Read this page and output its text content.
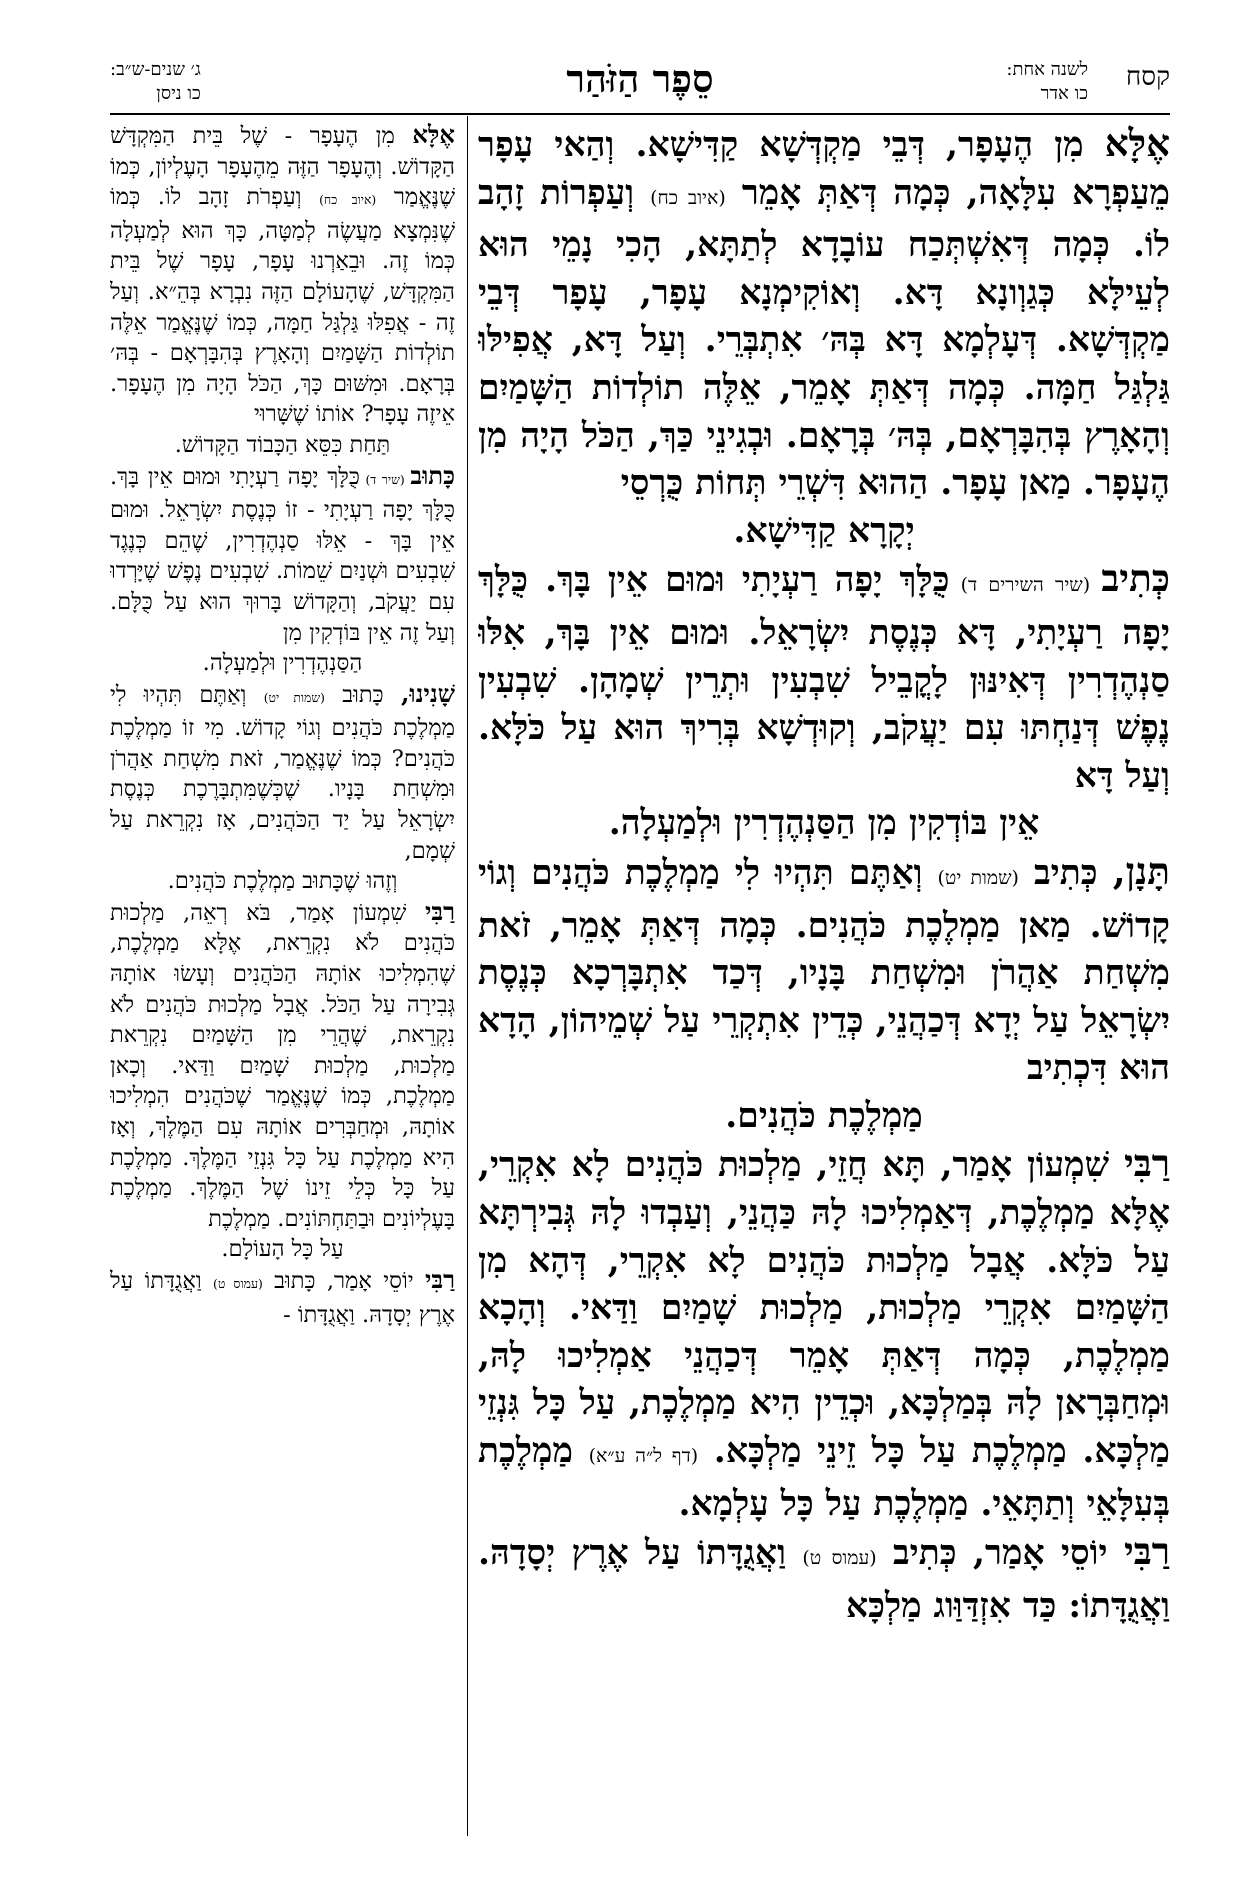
קסח
לשנה אחת:
כו אדר
סֵפֶר הַזֹּהַר
ג׳ שנים-ש״ב:
כו ניסן

אֶלָּא מִן הֶעָפָר, דְּבֵי מַקְדְּשָׁא קַדִּישָׁא. וְהַאי עָפָר מֵעַפְרָא עִלָּאָה, כְּמָה דְּאַתְּ אָמֵר (איוב כח) וְעַפְרוֹת זָהָב לוֹ. כְּמָה דְּאִשְׁתְּכַח עוֹבָדָא לְתַתָּא, הָכִי נָמֵי הוּא לְעֵילָּא כְּגַוְונָא דָּא. וְאוֹקִימְנָא עָפָר, עָפָר דְּבֵי מַקְדְּשָׁא. דְּעָלְמָא דָּא בְּהּ׳ אִתְבְּרֵי. וְעַל דָּא, אֲפִילּוּ גַּלְגַּל חַמָּה. כְּמָה דְּאַתְּ אָמֵר, אֵלֶּה תוֹלְדוֹת הַשָּׁמַיִם וְהָאָרֶץ בְּהִבָּרְאָם, בְּהּ׳ בְּרָאָם. וּבְגִינֵי כַּךְ, הַכֹּל הָיָה מִן הֶעָפָר. מַאן עָפָר. הַהוּא דִּשְׁרֵי תְּחוֹת כֻּרְסֵי

יְקָרָא קַדִּישָׁא.

כְּתִיב (שיר השירים ד) כֻּלָּךְ יָפָה רַעְיָתִי וּמוּם אֵין בָּךְ. כֻּלָּךְ יָפָה רַעְיָתִי, דָּא כְּנֶסֶת יִשְׂרָאֵל. וּמוּם אֵין בָּךְ, אִלּוּ סַנְהֶדְרִין דְּאִינּוּן לָקֳבֵיל שִׁבְעִין וּתְרֵין שְׁמָהָן. שִׁבְעִין נֶפֶשׁ דְּנַחְתּוּ עִם יַעֲקֹב, וְקוּדְשָׁא בְּרִיךְ הוּא עַל כֹּלָּא. וְעַל דָּא

אֵין בּוֹדְקִין מִן הַסַּנְהֶדְרִין וּלְמַעְלָה.

תָּנָן, כְּתִיב (שמות יט) וְאַתֶּם תִּהְיוּ לִי מַמְלֶכֶת כֹּהֲנִים וְגוֹי קָדוֹשׁ. מַאן מַמְלֶכֶת כֹּהֲנִים. כְּמָה דְּאַתְּ אָמֵר, זֹאת מִשְׁחַת אַהֲרֹן וּמִשְׁחַת בָּנָיו, דְּכַד אִתְבָּרְכָא כְּנֶסֶת יִשְׂרָאֵל עַל יְדָא דְּכַהֲנֵי, כְּדֵין אִתְקְרֵי עַל שְׁמֵיהוֹן, הָדָא הוּא דִּכְתִיב

מַמְלֶכֶת כֹּהֲנִים.

רַבִּי שִׁמְעוֹן אָמַר, תָּא חֲזֵי, מַלְכוּת כֹּהֲנִים לָא אִקְרֵי, אֶלָּא מַמְלֶכֶת, דְּאַמְלִיכוּ לָהּ כַּהֲנֵי, וְעַבְדוּ לָהּ גְּבִירְתָּא עַל כֹּלָּא. אֲבָל מַלְכוּת כֹּהֲנִים לָא אִקְרֵי, דְּהָא מִן הַשָּׁמַיִם אִקְרֵי מַלְכוּת, מַלְכוּת שָׁמַיִם וַדַּאי. וְהָכָא מַמְלֶכֶת, כְּמָה דְּאַתְּ אָמֵר דְּכַהֲנֵי אַמְלִיכוּ לָהּ, וּמְחַבְּרָאן לָהּ בְּמַלְכָּא, וּכְדֵין הִיא מַמְלֶכֶת, עַל כָּל גִּנְזֵי מַלְכָּא. מַמְלֶכֶת עַל כָּל זֵינֵי מַלְכָּא. (דף ל״ה ע״א) מַמְלֶכֶת בְּעִלָּאֵי וְתַתָּאֵי. מַמְלֶכֶת עַל כָּל עָלְמָא.

רַבִּי יוֹסֵי אָמַר, כְּתִיב (עמוס ט) וַאֲגֻדָּתוֹ עַל אֶרֶץ יְסָדָהּ. וַאֲגֻדָּתוֹ: כַּד אִזְדַּוַּוג מַלְכָּא

אֶלָּא מִן הֶעָפָר - שֶׁל בֵּית הַמִּקְדָּשׁ הַקָּדוֹשׁ. וְהֶעָפָר הַזֶּה מֵהֶעָפָר הָעֶלְיוֹן, כְּמוֹ שֶׁנֶּאֱמַר (איוב כח) וְעַפְרֹת זָהָב לוֹ. כְּמוֹ שֶׁנִּמְצָא מַעֲשֶׂה לְמַטָּה, כָּךְ הוּא לְמַעְלָה כְּמוֹ זֶה. וּבֵאַרְנוּ עָפָר, עָפָר שֶׁל בֵּית הַמִּקְדָּשׁ, שֶׁהָעוֹלָם הַזֶּה נִבְרָא בְּהֵ״א. וְעַל זֶה - אֲפִלּוּ גַּלְגַּל חַמָּה, כְּמוֹ שֶׁנֶּאֱמַר אֵלֶּה תוֹלְדוֹת הַשָּׁמַיִם וְהָאָרֶץ בְּהִבָּרְאָם - בְּהּ׳ בְּרָאָם. וּמִשּׁוּם כָּךְ, הַכֹּל הָיָה מִן הֶעָפָר. אֵיזֶה עָפָר? אוֹתוֹ שֶׁשָּׁרוּי

תַּחַת כִּסֵּא הַכָּבוֹד הַקָּדוֹשׁ.

כָּתוּב (שיר ד) כֻּלָּךְ יָפָה רַעְיָתִי וּמוּם אֵין בָּךְ. כֻּלָּךְ יָפָה רַעְיָתִי - זוֹ כְּנֶסֶת יִשְׂרָאֵל. וּמוּם אֵין בָּךְ - אֵלּוּ סַנְהֶדְרִין, שֶׁהֵם כְּנֶגֶד שִׁבְעִים וּשְׁנַיִם שֵׁמוֹת. שִׁבְעִים נֶפֶשׁ שֶׁיָּרְדוּ עִם יַעֲקֹב, וְהַקָּדוֹשׁ בָּרוּךְ הוּא עַל כֻּלָּם. וְעַל זֶה אֵין בּוֹדְקִין מִן

הַסַּנְהֶדְרִין וּלְמַעְלָה.

שָׁנִינוּ, כָּתוּב (שמות יט) וְאַתֶּם תִּהְיוּ לִי מַמְלֶכֶת כֹּהֲנִים וְגוֹי קָדוֹשׁ. מִי זוֹ מַמְלֶכֶת כֹּהֲנִים? כְּמוֹ שֶׁנֶּאֱמַר, זֹאת מִשְׁחַת אַהֲרֹן וּמִשְׁחַת בָּנָיו. שֶׁכְּשֶׁמִּתְבָּרֶכֶת כְּנֶסֶת יִשְׂרָאֵל עַל יַד הַכֹּהֲנִים, אָז נִקְרֵאת עַל שְׁמָם,

וְזֶהוּ שֶׁכָּתוּב מַמְלֶכֶת כֹּהֲנִים.

רַבִּי שִׁמְעוֹן אָמַר, בֹּא רְאֵה, מַלְכוּת כֹּהֲנִים לֹא נִקְרֵאת, אֶלָּא מַמְלֶכֶת, שֶׁהִמְלִיכוּ אוֹתָהּ הַכֹּהֲנִים וְעָשׂוּ אוֹתָהּ גְּבִירָה עַל הַכֹּל. אֲבָל מַלְכוּת כֹּהֲנִים לֹא נִקְרֵאת, שֶׁהֲרֵי מִן הַשָּׁמַיִם נִקְרֵאת מַלְכוּת, מַלְכוּת שָׁמַיִם וַדַּאי. וְכָאן מַמְלֶכֶת, כְּמוֹ שֶׁנֶּאֱמַר שֶׁכֹּהֲנִים הִמְלִיכוּ אוֹתָהּ, וּמְחַבְּרִים אוֹתָהּ עִם הַמֶּלֶךְ, וְאָז הִיא מַמְלֶכֶת עַל כָּל גִּנְזֵי הַמֶּלֶךְ. מַמְלֶכֶת עַל כָּל כְּלֵי זֵינוֹ שֶׁל הַמֶּלֶךְ. מַמְלֶכֶת בָּעֶלְיוֹנִים וּבַתַּחְתּוֹנִים. מַמְלֶכֶת

עַל כָּל הָעוֹלָם.

רַבִּי יוֹסֵי אָמַר, כָּתוּב (עמוס ט) וַאֲגֻדָּתוֹ עַל אֶרֶץ יְסָדָהּ. וַאֲגֻדָּתוֹ -
